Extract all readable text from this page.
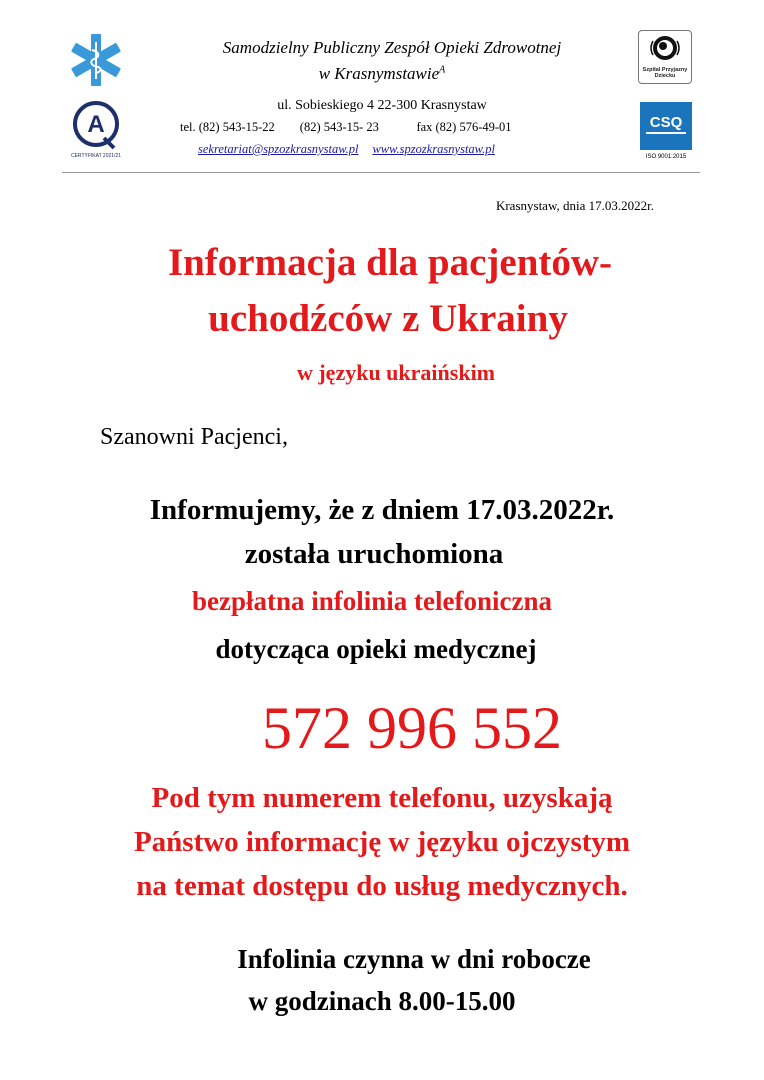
A
CERTYFIKAT 2021/21
Szpital Przyjazny
Dziecku
CSQ
ISO 9001:2015
Samodzielny Publiczny Zespół Opieki Zdrowotnej
w Krasnymstawie$^A$
ul. Sobieskiego 4 22-300 Krasnystaw
tel. (82) 543-15-22 (82) 543-15- 23	fax (82) 576-49-01
sekretariat@spzozkrasnystaw.pl www.spzozkrasnystaw.pl
Krasnystaw, dnia 17.03.2022r.
Informacja dla pacjentów-
uchodźców z Ukrainy
w języku ukraińskim
Szanowni Pacjenci,
Informujemy, że z dniem 17.03.2022r.
została uruchomiona
bezpłatna infolinia telefoniczna
dotycząca opieki medycznej
572 996 552
Pod tym numerem telefonu, uzyskają
Państwo informację w języku ojczystym
na temat dostępu do usług medycznych.
Infolinia czynna w dni robocze
w godzinach 8.00-15.00
